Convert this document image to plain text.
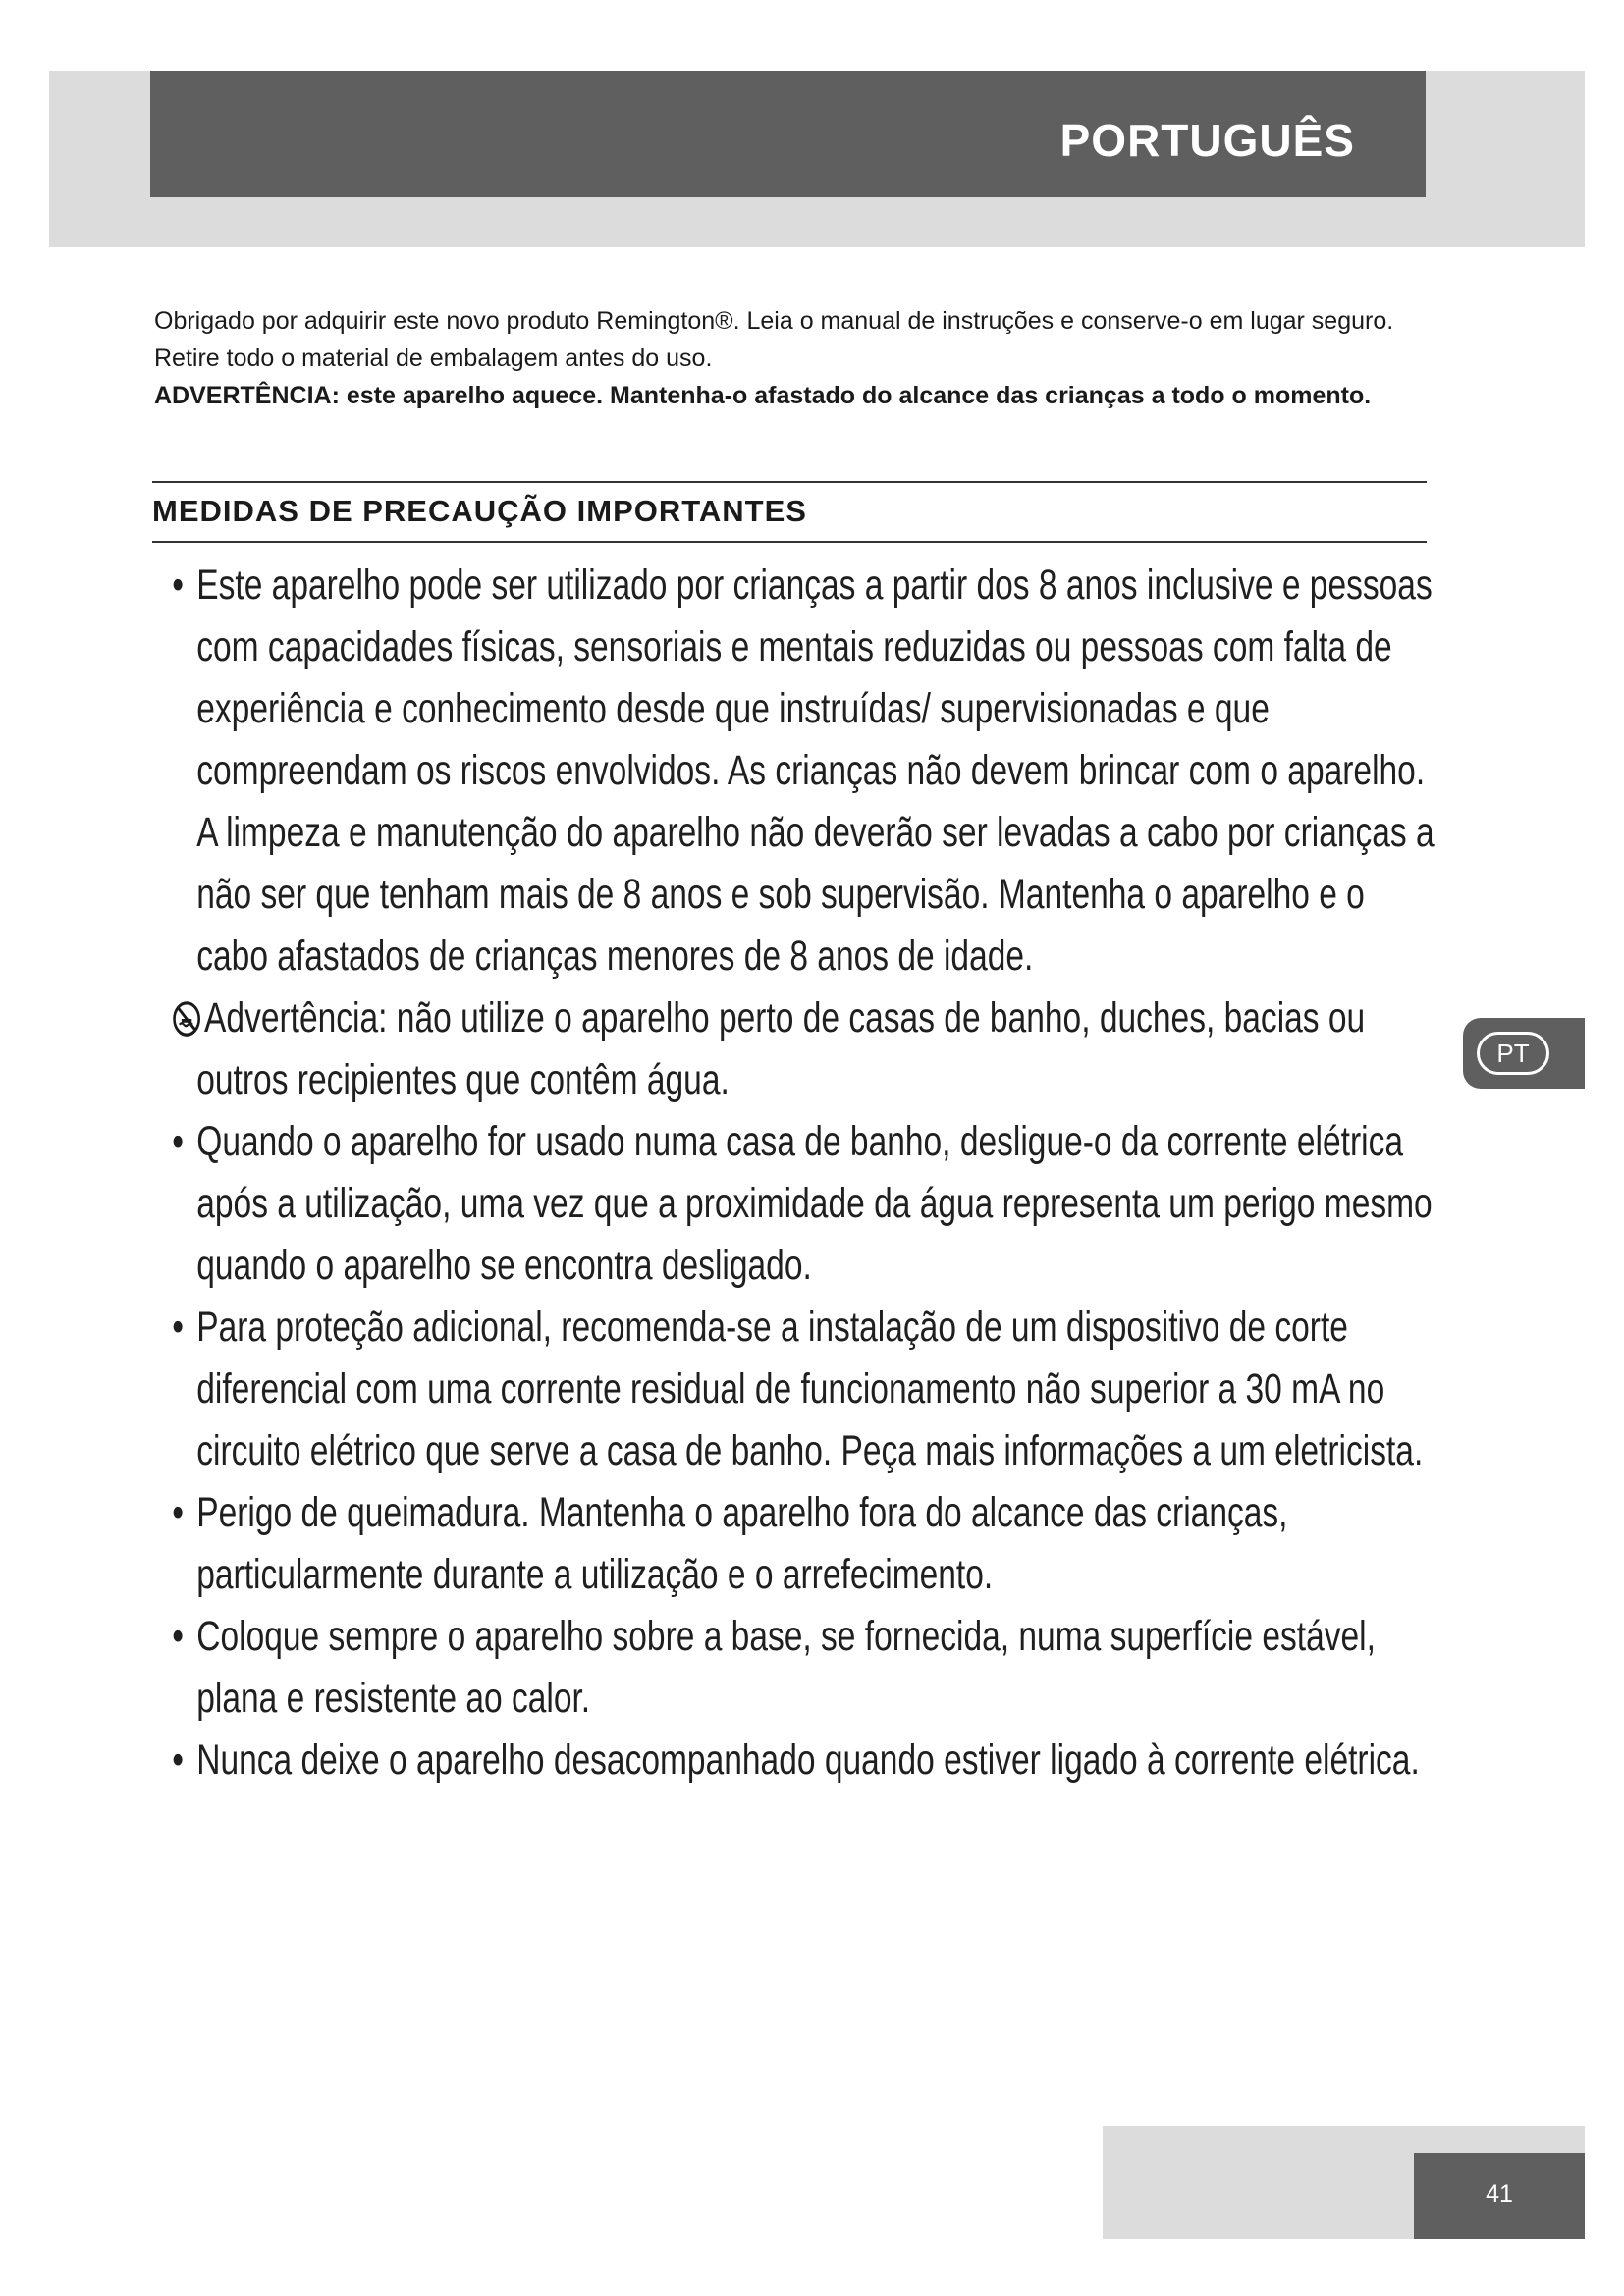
PORTUGUÊS

Obrigado por adquirir este novo produto Remington®. Leia o manual de instruções e conserve-o em lugar seguro. Retire todo o material de embalagem antes do uso.

ADVERTÊNCIA: este aparelho aquece. Mantenha-o afastado do alcance das crianças a todo o momento.

MEDIDAS DE PRECAUÇÃO IMPORTANTES
• Este aparelho pode ser utilizado por crianças a partir dos 8 anos inclusive e pessoas com capacidades físicas, sensoriais e mentais reduzidas ou pessoas com falta de experiência e conhecimento desde que instruídas/ supervisionadas e que compreendam os riscos envolvidos. As crianças não devem brincar com o aparelho. A limpeza e manutenção do aparelho não deverão ser levadas a cabo por crianças a não ser que tenham mais de 8 anos e sob supervisão. Mantenha o aparelho e o cabo afastados de crianças menores de 8 anos de idade.
Advertência: não utilize o aparelho perto de casas de banho, duches, bacias ou outros recipientes que contêm água.
• Quando o aparelho for usado numa casa de banho, desligue-o da corrente elétrica após a utilização, uma vez que a proximidade da água representa um perigo mesmo quando o aparelho se encontra desligado.
• Para proteção adicional, recomenda-se a instalação de um dispositivo de corte diferencial com uma corrente residual de funcionamento não superior a 30 mA no circuito elétrico que serve a casa de banho. Peça mais informações a um eletricista.
• Perigo de queimadura. Mantenha o aparelho fora do alcance das crianças, particularmente durante a utilização e o arrefecimento.
• Coloque sempre o aparelho sobre a base, se fornecida, numa superfície estável, plana e resistente ao calor.
• Nunca deixe o aparelho desacompanhado quando estiver ligado à corrente elétrica.
PT
41
